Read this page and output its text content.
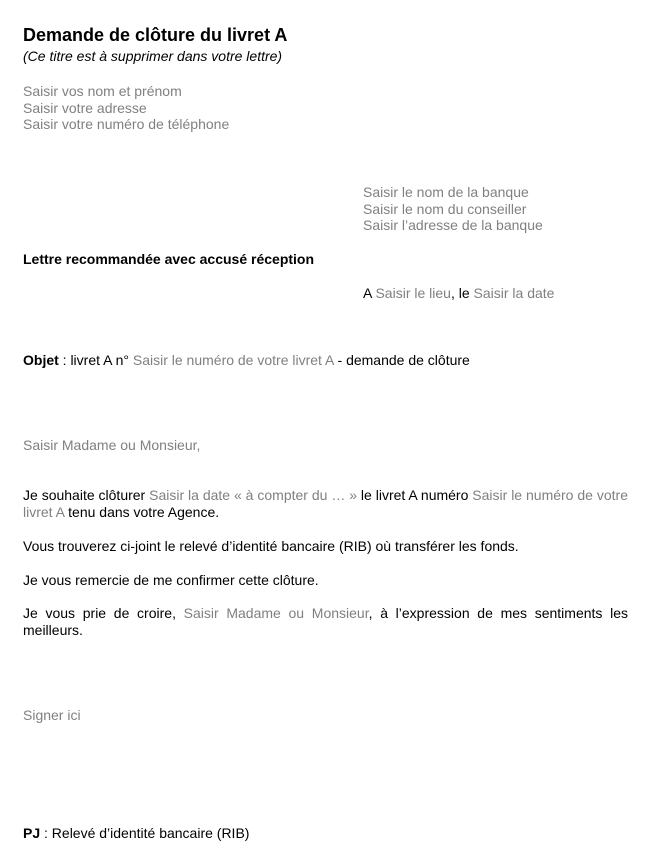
Demande de clôture du livret A
(Ce titre est à supprimer dans votre lettre)
Saisir vos nom et prénom
Saisir votre adresse
Saisir votre numéro de téléphone
Saisir le nom de la banque
Saisir le nom du conseiller
Saisir l’adresse de la banque
Lettre recommandée avec accusé réception
A Saisir le lieu, le Saisir la date
Objet : livret A n° Saisir le numéro de votre livret A - demande de clôture
Saisir Madame ou Monsieur,
Je souhaite clôturer Saisir la date « à compter du … » le livret A numéro Saisir le numéro de votre livret A tenu dans votre Agence.
Vous trouverez ci-joint le relevé d’identité bancaire (RIB) où transférer les fonds.
Je vous remercie de me confirmer cette clôture.
Je vous prie de croire, Saisir Madame ou Monsieur, à l’expression de mes sentiments les meilleurs.
Signer ici
PJ : Relevé d’identité bancaire (RIB)
